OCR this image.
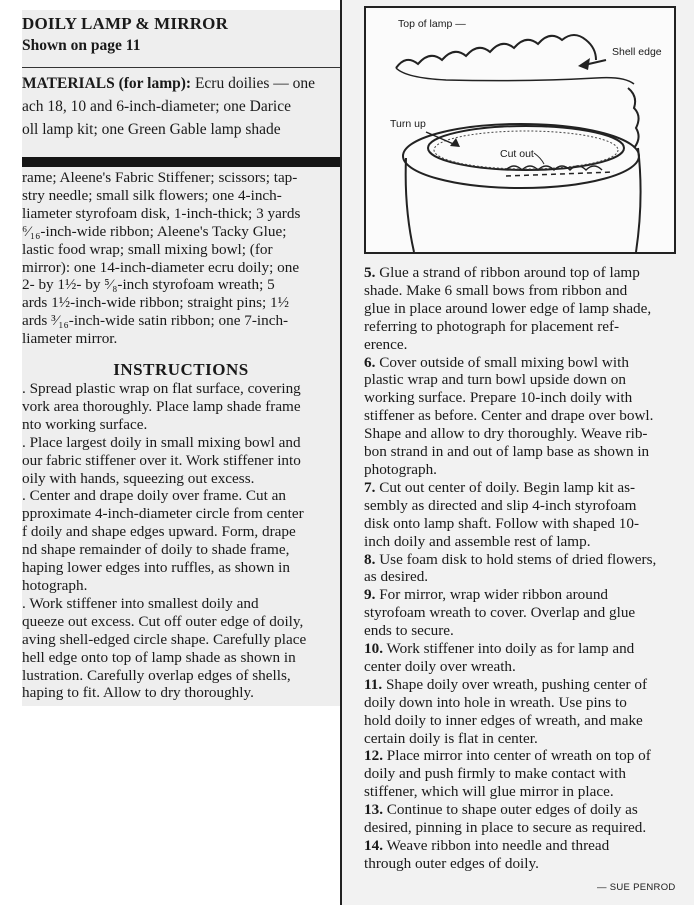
DOILY LAMP & MIRROR
Shown on page 11
MATERIALS (for lamp): Ecru doilies — one
ach 18, 10 and 6-inch-diameter; one Darice
oll lamp kit; one Green Gable lamp shade
rame; Aleene's Fabric Stiffener; scissors; tap-
stry needle; small silk flowers; one 4-inch-
liameter styrofoam disk, 1-inch-thick; 3 yards
⁶⁄₁₆-inch-wide ribbon; Aleene's Tacky Glue;
lastic food wrap; small mixing bowl; (for
mirror): one 14-inch-diameter ecru doily; one
2- by 1½- by ⁵⁄₈-inch styrofoam wreath; 5
ards 1½-inch-wide ribbon; straight pins; 1½
ards ³⁄₁₆-inch-wide satin ribbon; one 7-inch-
liameter mirror.
INSTRUCTIONS
. Spread plastic wrap on flat surface, covering
vork area thoroughly. Place lamp shade frame
nto working surface.
. Place largest doily in small mixing bowl and
our fabric stiffener over it. Work stiffener into
oily with hands, squeezing out excess.
. Center and drape doily over frame. Cut an
pproximate 4-inch-diameter circle from center
f doily and shape edges upward. Form, drape
nd shape remainder of doily to shade frame,
haping lower edges into ruffles, as shown in
hotograph.
. Work stiffener into smallest doily and
queeze out excess. Cut off outer edge of doily,
aving shell-edged circle shape. Carefully place
hell edge onto top of lamp shade as shown in
lustration. Carefully overlap edges of shells,
haping to fit. Allow to dry thoroughly.
Top of lamp —
Shell edge
Turn up
Cut out
5. Glue a strand of ribbon around top of lamp
shade. Make 6 small bows from ribbon and
glue in place around lower edge of lamp shade,
referring to photograph for placement ref-
erence.
6. Cover outside of small mixing bowl with
plastic wrap and turn bowl upside down on
working surface. Prepare 10-inch doily with
stiffener as before. Center and drape over bowl.
Shape and allow to dry thoroughly. Weave rib-
bon strand in and out of lamp base as shown in
photograph.
7. Cut out center of doily. Begin lamp kit as-
sembly as directed and slip 4-inch styrofoam
disk onto lamp shaft. Follow with shaped 10-
inch doily and assemble rest of lamp.
8. Use foam disk to hold stems of dried flowers,
as desired.
9. For mirror, wrap wider ribbon around
styrofoam wreath to cover. Overlap and glue
ends to secure.
10. Work stiffener into doily as for lamp and
center doily over wreath.
11. Shape doily over wreath, pushing center of
doily down into hole in wreath. Use pins to
hold doily to inner edges of wreath, and make
certain doily is flat in center.
12. Place mirror into center of wreath on top of
doily and push firmly to make contact with
stiffener, which will glue mirror in place.
13. Continue to shape outer edges of doily as
desired, pinning in place to secure as required.
14. Weave ribbon into needle and thread
through outer edges of doily.
— SUE PENROD
